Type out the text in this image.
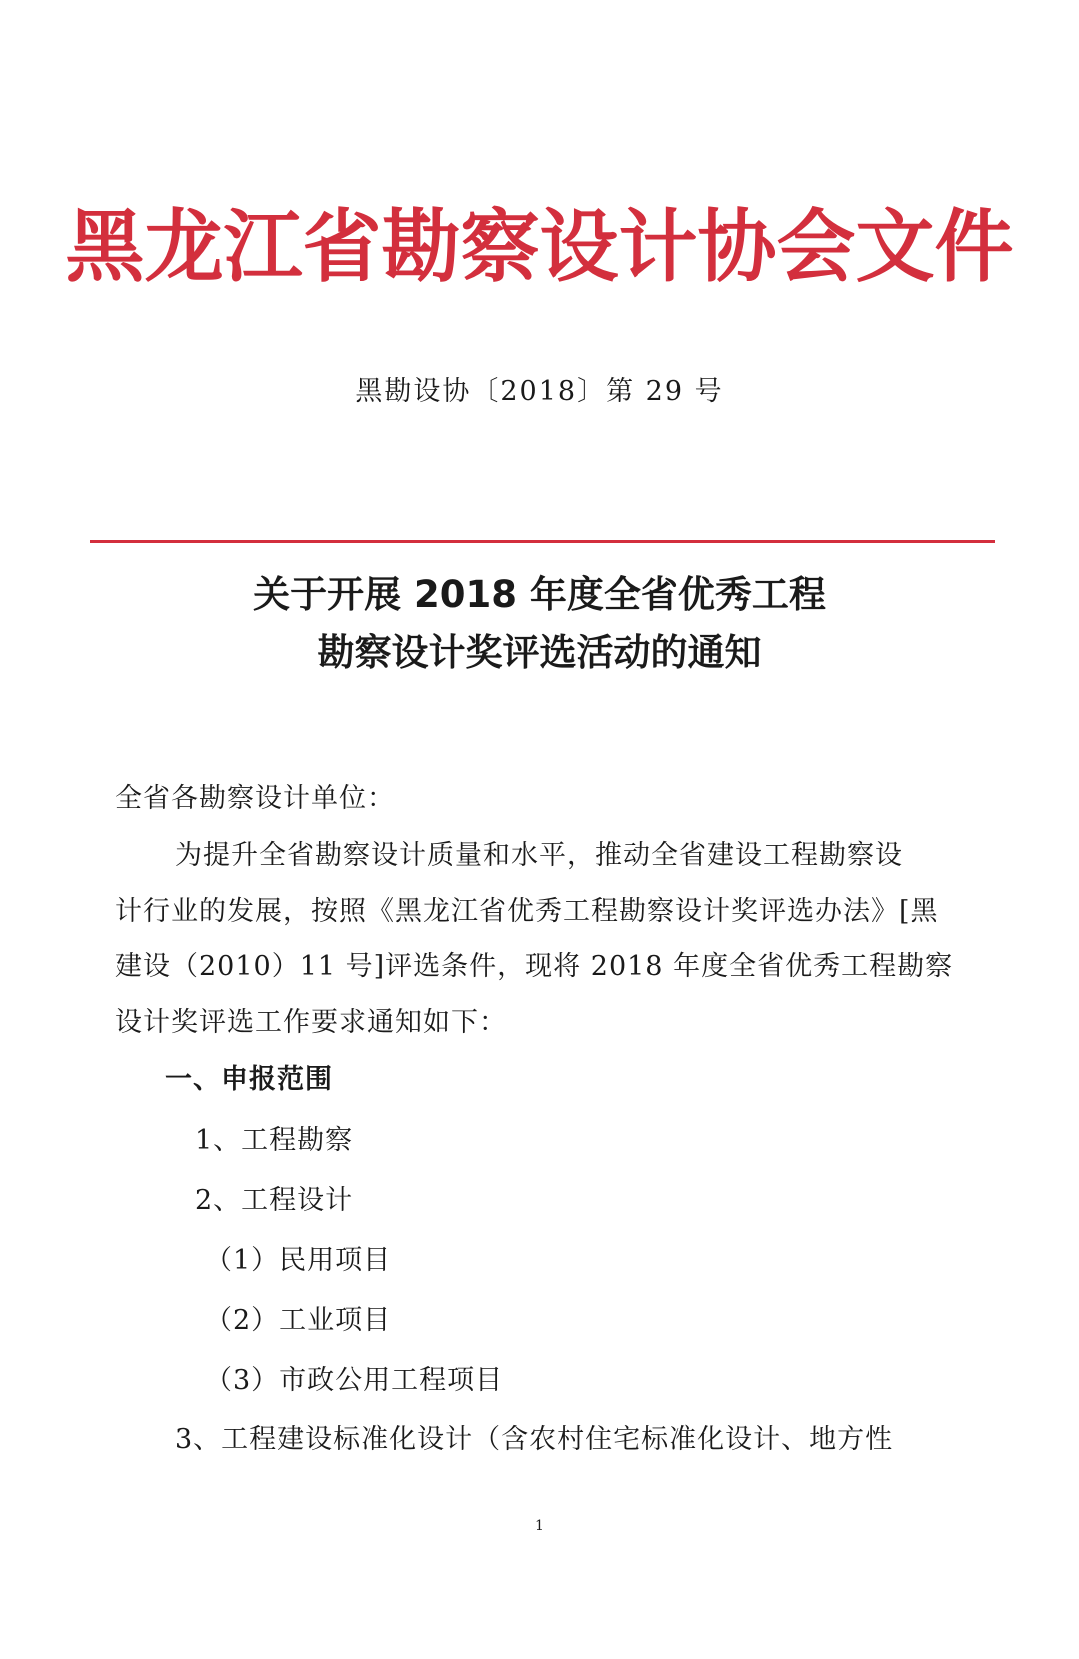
黑龙江省勘察设计协会文件
黑勘设协〔2018〕第 29 号
关于开展 2018 年度全省优秀工程
勘察设计奖评选活动的通知
全省各勘察设计单位：
为提升全省勘察设计质量和水平，推动全省建设工程勘察设
计行业的发展，按照《黑龙江省优秀工程勘察设计奖评选办法》[黑
建设（2010）11 号]评选条件，现将 2018 年度全省优秀工程勘察
设计奖评选工作要求通知如下：
一、申报范围
1、工程勘察
2、工程设计
（1）民用项目
（2）工业项目
（3）市政公用工程项目
3、工程建设标准化设计（含农村住宅标准化设计、地方性
1
